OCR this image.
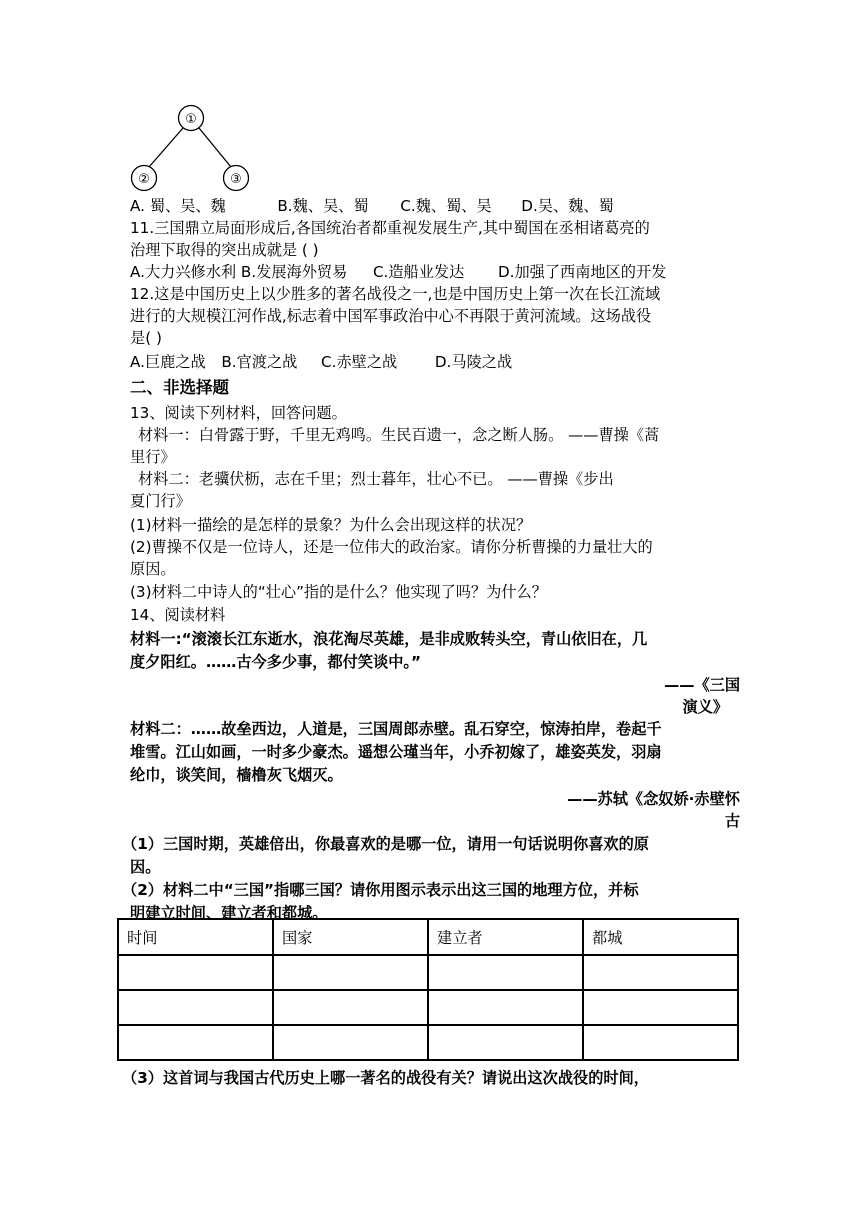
①
②	③
A. 蜀、吴、魏	B.魏、吴、蜀 C.魏、蜀、吴 D.吴、魏、蜀
11.三国鼎立局面形成后,各国统治者都重视发展生产,其中蜀国在丞相诸葛亮的
治理下取得的突出成就是 ( )
A.大力兴修水利 B.发展海外贸易 C.造船业发达 D.加强了西南地区的开发
12.这是中国历史上以少胜多的著名战役之一,也是中国历史上第一次在长江流域
进行的大规模江河作战,标志着中国军事政治中心不再限于黄河流域。这场战役
是( )
A.巨鹿之战 B.官渡之战 C.赤壁之战 D.马陵之战
二、非选择题
13、阅读下列材料，回答问题。
材料一：白骨露于野，千里无鸡鸣。生民百遗一，念之断人肠。 ——曹操《蒿
里行》
材料二：老骥伏枥，志在千里；烈士暮年，壮心不已。 ——曹操《步出
夏门行》
(1)材料一描绘的是怎样的景象？为什么会出现这样的状况？
(2)曹操不仅是一位诗人，还是一位伟大的政治家。请你分析曹操的力量壮大的
原因。
(3)材料二中诗人的“壮心”指的是什么？他实现了吗？为什么？
14、阅读材料
材料一:“滚滚长江东逝水，浪花淘尽英雄，是非成败转头空，青山依旧在，几
度夕阳红。……古今多少事，都付笑谈中。”
——《三国
演义》
材料二：……故垒西边，人道是，三国周郎赤壁。乱石穿空，惊涛拍岸，卷起千
堆雪。江山如画，一时多少豪杰。遥想公瑾当年，小乔初嫁了，雄姿英发，羽扇
纶巾，谈笑间，樯橹灰飞烟灭。
——苏轼《念奴娇·赤壁怀
古
（1）三国时期，英雄倍出，你最喜欢的是哪一位，请用一句话说明你喜欢的原
因。
（2）材料二中“三国”指哪三国？请你用图示表示出这三国的地理方位，并标
明建立时间、建立者和都城。
时间	国家	建立者	都城

（3）这首词与我国古代历史上哪一著名的战役有关？请说出这次战役的时间，
